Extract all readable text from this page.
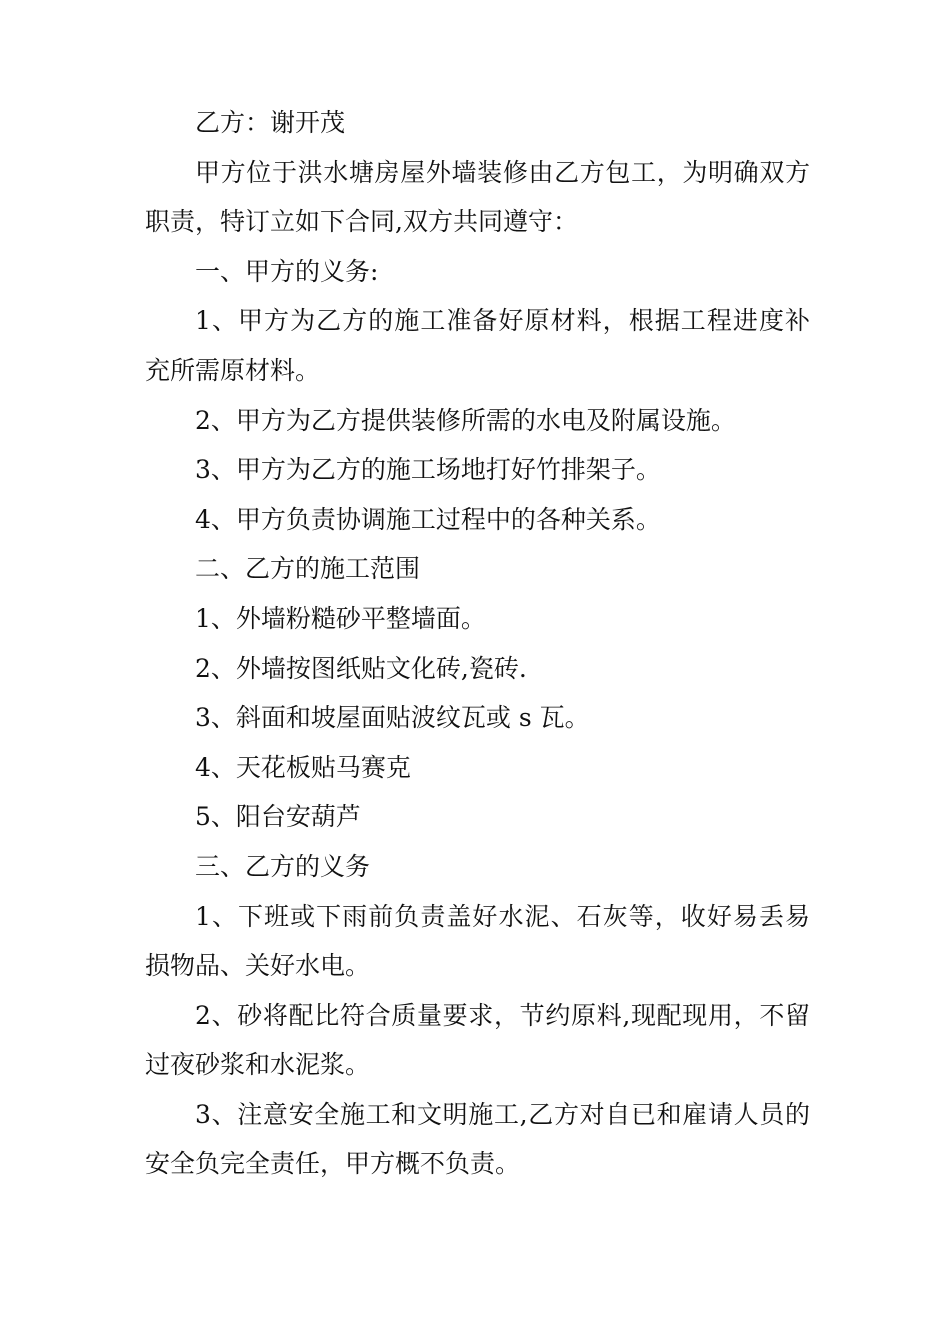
乙方：谢开茂

甲方位于洪水塘房屋外墙装修由乙方包工，为明确双方职责，特订立如下合同,双方共同遵守：

一、甲方的义务:

1、甲方为乙方的施工准备好原材料，根据工程进度补充所需原材料。

2、甲方为乙方提供装修所需的水电及附属设施。

3、甲方为乙方的施工场地打好竹排架子。

4、甲方负责协调施工过程中的各种关系。

二、乙方的施工范围

1、外墙粉糙砂平整墙面。

2、外墙按图纸贴文化砖,瓷砖.

3、斜面和坡屋面贴波纹瓦或 s 瓦。

4、天花板贴马赛克

5、阳台安葫芦

三、乙方的义务

1、下班或下雨前负责盖好水泥、石灰等，收好易丢易损物品、关好水电。

2、砂将配比符合质量要求，节约原料,现配现用，不留过夜砂浆和水泥浆。

3、注意安全施工和文明施工,乙方对自已和雇请人员的安全负完全责任，甲方概不负责。
